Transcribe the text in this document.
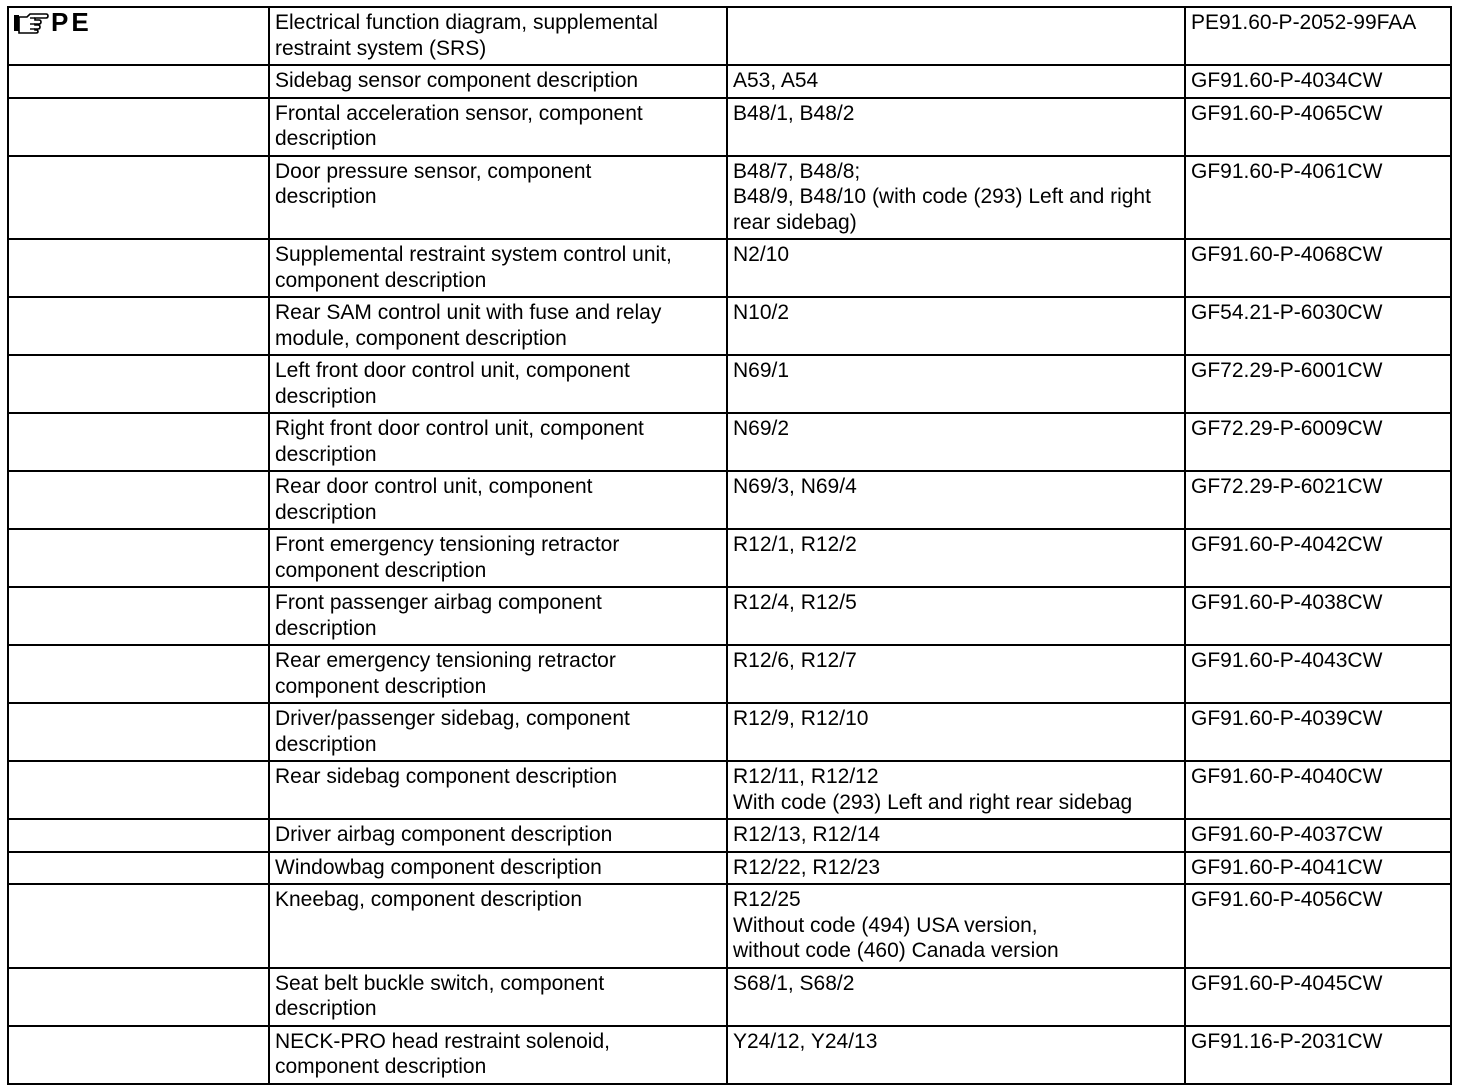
PE	Electrical function diagram, supplemental
restraint system (SRS)		PE91.60-P-2052-99FAA
	Sidebag sensor component description	A53, A54	GF91.60-P-4034CW
	Frontal acceleration sensor, component
description	B48/1, B48/2	GF91.60-P-4065CW
	Door pressure sensor, component
description	B48/7, B48/8;
B48/9, B48/10 (with code (293) Left and right
rear sidebag)	GF91.60-P-4061CW
	Supplemental restraint system control unit,
component description	N2/10	GF91.60-P-4068CW
	Rear SAM control unit with fuse and relay
module, component description	N10/2	GF54.21-P-6030CW
	Left front door control unit, component
description	N69/1	GF72.29-P-6001CW
	Right front door control unit, component
description	N69/2	GF72.29-P-6009CW
	Rear door control unit, component
description	N69/3, N69/4	GF72.29-P-6021CW
	Front emergency tensioning retractor
component description	R12/1, R12/2	GF91.60-P-4042CW
	Front passenger airbag component
description	R12/4, R12/5	GF91.60-P-4038CW
	Rear emergency tensioning retractor
component description	R12/6, R12/7	GF91.60-P-4043CW
	Driver/passenger sidebag, component
description	R12/9, R12/10	GF91.60-P-4039CW
	Rear sidebag component description	R12/11, R12/12
With code (293) Left and right rear sidebag	GF91.60-P-4040CW
	Driver airbag component description	R12/13, R12/14	GF91.60-P-4037CW
	Windowbag component description	R12/22, R12/23	GF91.60-P-4041CW
	Kneebag, component description	R12/25
Without code (494) USA version,
without code (460) Canada version	GF91.60-P-4056CW
	Seat belt buckle switch, component
description	S68/1, S68/2	GF91.60-P-4045CW
	NECK-PRO head restraint solenoid,
component description	Y24/12, Y24/13	GF91.16-P-2031CW
